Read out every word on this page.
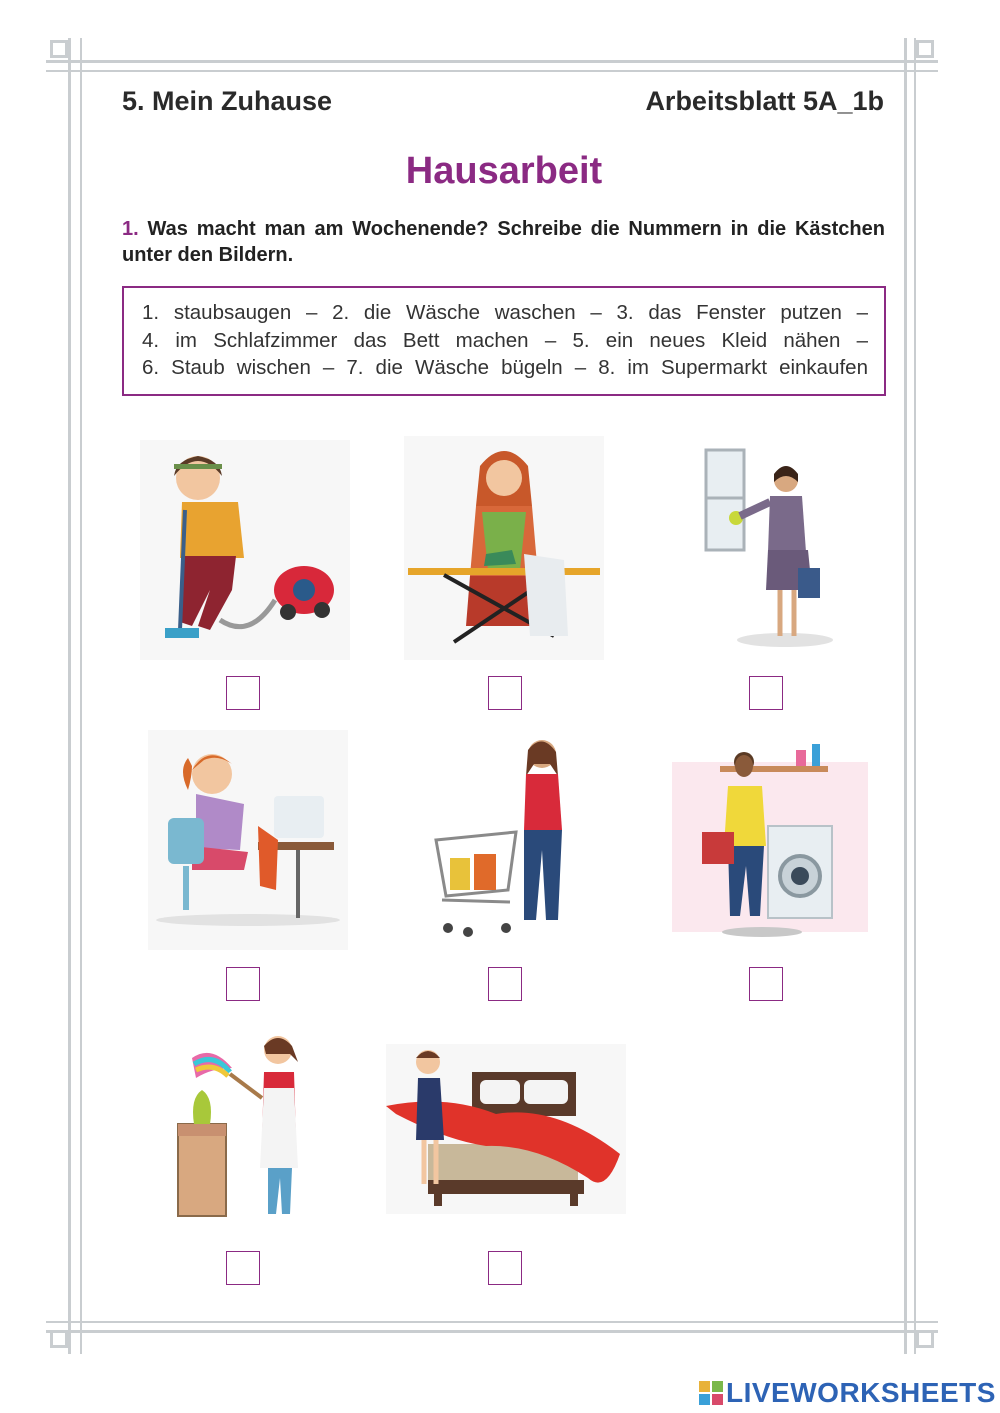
5. Mein Zuhause	Arbeitsblatt 5A_1b
Hausarbeit
1. Was macht man am Wochenende? Schreibe die Nummern in die Kästchen unter den Bildern.
1. staubsaugen – 2. die Wäsche waschen – 3. das Fenster putzen –
4. im Schlafzimmer das Bett machen – 5. ein neues Kleid nähen –
6. Staub wischen – 7. die Wäsche bügeln – 8. im Supermarkt einkaufen
LIVEWORKSHEETS
